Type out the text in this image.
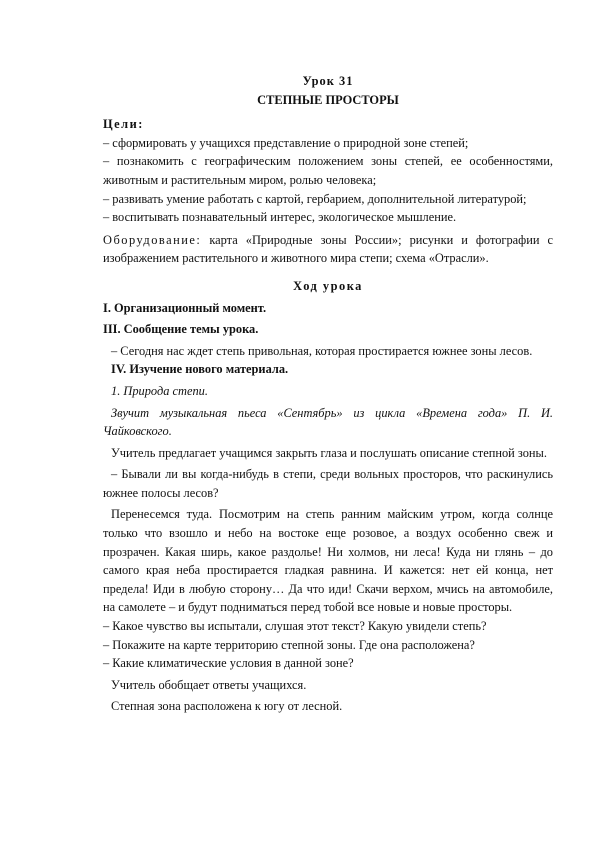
Урок 31

СТЕПНЫЕ ПРОСТОРЫ

Цели:

– сформировать у учащихся представление о природной зоне степей;

– познакомить с географическим положением зоны степей, ее особенностями, животным и растительным миром, ролью человека;

– развивать умение работать с картой, гербарием, дополнительной литературой;

– воспитывать познавательный интерес, экологическое мышление.

Оборудование: карта «Природные зоны России»; рисунки и фотографии с изображением растительного и животного мира степи; схема «Отрасли».

Ход урока

I. Организационный момент.

III. Сообщение темы урока.

– Сегодня нас ждет степь привольная, которая простирается южнее зоны лесов.

IV. Изучение нового материала.

1. Природа степи.

Звучит музыкальная пьеса «Сентябрь» из цикла «Времена года» П. И. Чайковского.

Учитель предлагает учащимся закрыть глаза и послушать описание степной зоны.

– Бывали ли вы когда-нибудь в степи, среди вольных просторов, что раскинулись южнее полосы лесов?

Перенесемся туда. Посмотрим на степь ранним майским утром, когда солнце только что взошло и небо на востоке еще розовое, а воздух особенно свеж и прозрачен. Какая ширь, какое раздолье! Ни холмов, ни леса! Куда ни глянь – до самого края неба простирается гладкая равнина. И кажется: нет ей конца, нет предела! Иди в любую сторону… Да что иди! Скачи верхом, мчись на автомобиле, на самолете – и будут подниматься перед тобой все новые и новые просторы.

– Какое чувство вы испытали, слушая этот текст? Какую увидели степь?

– Покажите на карте территорию степной зоны. Где она расположена?

– Какие климатические условия в данной зоне?

Учитель обобщает ответы учащихся.

Степная зона расположена к югу от лесной.
